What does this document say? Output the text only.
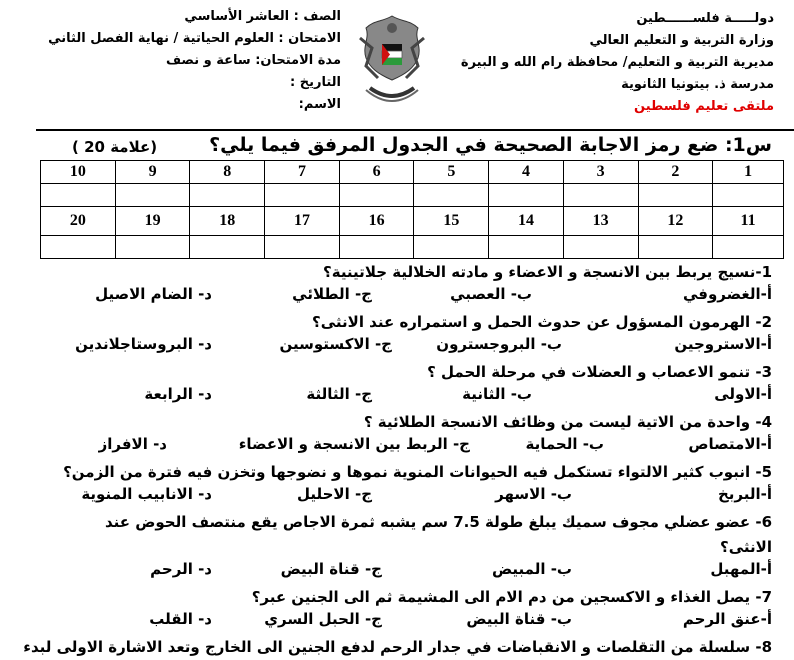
دولـــــة فلســــــطين
وزارة التربية و التعليم العالي
مديرية التربية و التعليم/ محافظة رام الله و البيرة
مدرسة ذ. بيتونيا الثانوية
ملتقى تعليم فلسطين
الصف : العاشر الأساسي
الامتحان : العلوم الحياتية / نهاية الفصل الثاني
مدة الامتحان: ساعة و نصف
التاريخ :
الاسم:
س1: ضع رمز الاجابة الصحيحة في الجدول المرفق فيما يلي؟
( 20 علامة)
1	2	3	4	5	6	7	8	9	10

11	12	13	14	15	16	17	18	19	20

1-نسيج يربط بين الانسجة و الاعضاء و مادته الخلالية جلاتينية؟
أ-الغضروفي
ب- العصبي
ج- الطلائي
د- الضام الاصيل
2- الهرمون المسؤول عن حدوث الحمل و استمراره عند الانثى؟
أ-الاستروجين
ب- البروجسترون
ج- الاكستوسين
د- البروستاجلاندين
3- تنمو الاعصاب و العضلات في مرحلة الحمل ؟
أ-الاولى
ب- الثانية
ج- الثالثة
د- الرابعة
4- واحدة من الاتية ليست من وظائف الانسجة الطلائية ؟
أ-الامتصاص
ب- الحماية
ج- الربط بين الانسجة و الاعضاء
د- الافراز
5- انبوب كثير الالتواء تستكمل فيه الحيوانات المنوية نموها و نضوجها وتخزن فيه فترة من الزمن؟
أ-البربخ
ب- الاسهر
ج- الاحليل
د- الانابيب المنوية
6- عضو عضلي مجوف سميك يبلغ طولة 7.5 سم يشبه ثمرة الاجاص يقع منتصف الحوض عند
الانثى؟
أ-المهبل
ب- المبيض
ج- قناة البيض
د- الرحم
7- يصل الغذاء و الاكسجين من دم الام الى المشيمة ثم الى الجنين عبر؟
أ-عنق الرحم
ب- قناة البيض
ج- الحبل السري
د- القلب
8- سلسلة من التقلصات و الانقباضات في جدار الرحم لدفع الجنين الى الخارج وتعد الاشارة الاولى لبدء
